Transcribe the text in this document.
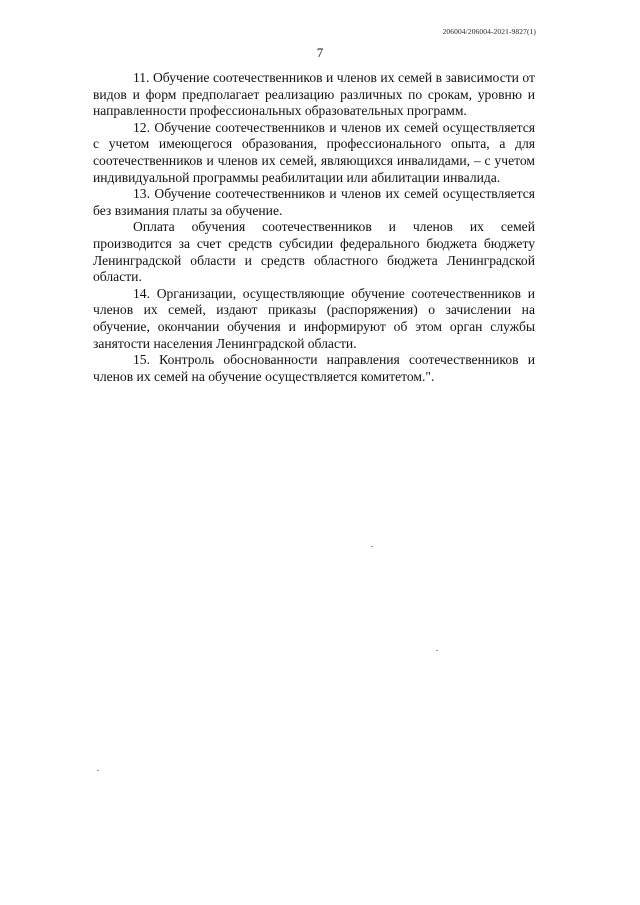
206004/206004-2021-9827(1)
7

11. Обучение соотечественников и членов их семей в зависимости от видов и форм предполагает реализацию различных по срокам, уровню и направленности профессиональных образовательных программ.

12. Обучение соотечественников и членов их семей осуществляется с учетом имеющегося образования, профессионального опыта, а для соотечественников и членов их семей, являющихся инвалидами, – с учетом индивидуальной программы реабилитации или абилитации инвалида.

13. Обучение соотечественников и членов их семей осуществляется без взимания платы за обучение.

Оплата обучения соотечественников и членов их семей производится за счет средств субсидии федерального бюджета бюджету Ленинградской области и средств областного бюджета Ленинградской области.

14. Организации, осуществляющие обучение соотечественников и членов их семей, издают приказы (распоряжения) о зачислении на обучение, окончании обучения и информируют об этом орган службы занятости населения Ленинградской области.

15. Контроль обоснованности направления соотечественников и членов их семей на обучение осуществляется комитетом.".
